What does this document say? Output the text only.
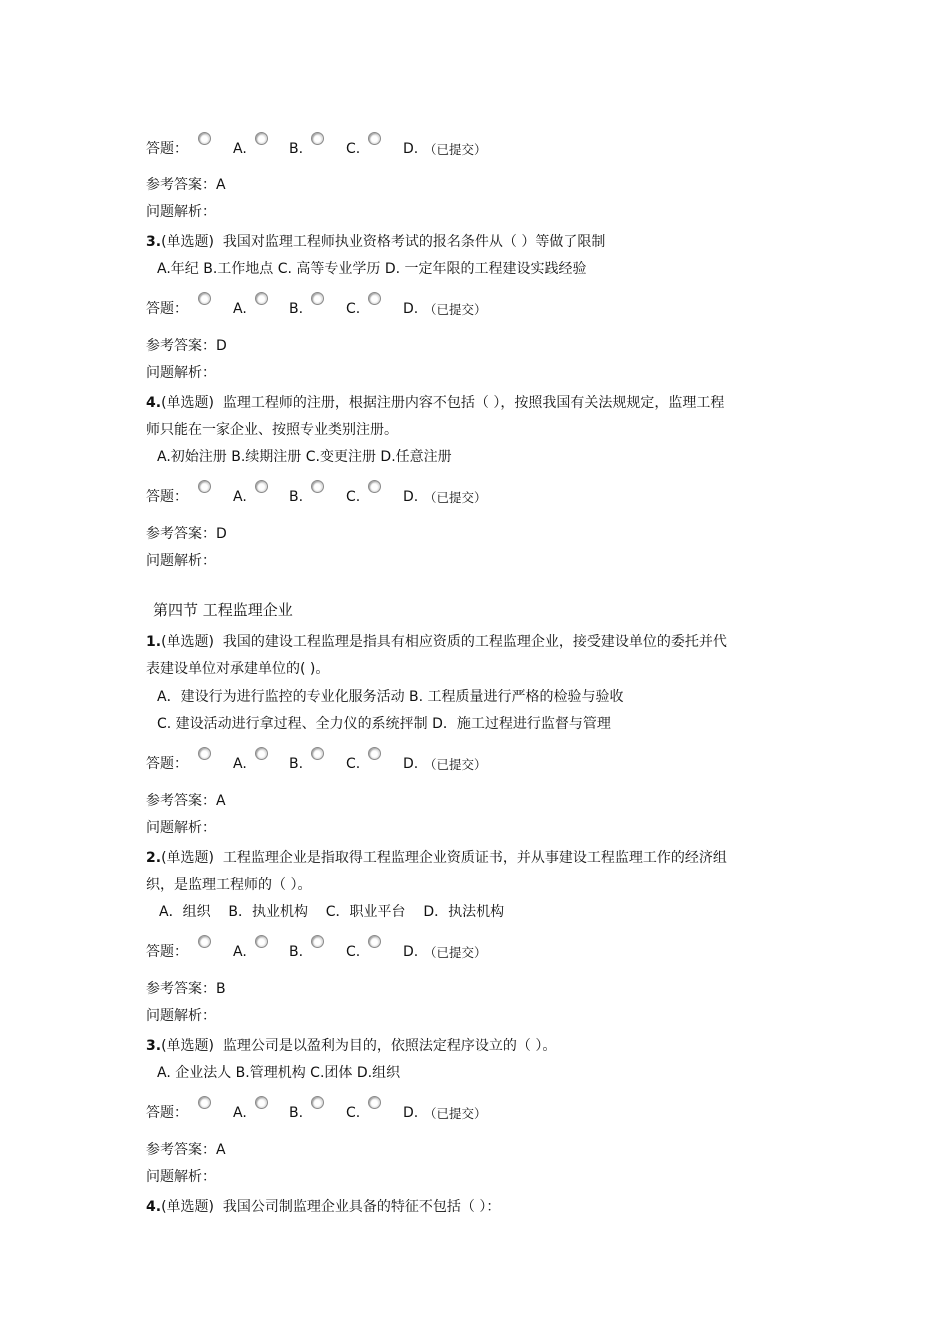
答题：	A.	B.	C.	D. （已提交）
参考答案：A
问题解析：
3.(单选题) 我国对监理工程师执业资格考试的报名条件从（ ）等做了限制
A.年纪 B.工作地点 C. 高等专业学历 D. 一定年限的工程建设实践经验
答题：	A.	B.	C.	D. （已提交）
参考答案：D
问题解析：
4.(单选题) 监理工程师的注册，根据注册内容不包括（ ），按照我国有关法规规定，监理工程
师只能在一家企业、按照专业类别注册。
A.初始注册 B.续期注册 C.变更注册 D.任意注册
答题：	A.	B.	C.	D. （已提交）
参考答案：D
问题解析：
第四节 工程监理企业
1.(单选题) 我国的建设工程监理是指具有相应资质的工程监理企业，接受建设单位的委托并代
表建设单位对承建单位的( )。
A．建设行为进行监控的专业化服务活动 B. 工程质量进行严格的检验与验收
C. 建设活动进行拿过程、全力仪的系统抨制 D．施工过程进行监督与管理
答题：	A.	B.	C.	D. （已提交）
参考答案：A
问题解析：
2.(单选题) 工程监理企业是指取得工程监理企业资质证书，并从事建设工程监理工作的经济组
织，是监理工程师的（ ）。
A．组织    B．执业机构    C．职业平台    D．执法机构
答题：	A.	B.	C.	D. （已提交）
参考答案：B
问题解析：
3.(单选题) 监理公司是以盈利为目的，依照法定程序设立的（ ）。
A. 企业法人 B.管理机构 C.团体 D.组织
答题：	A.	B.	C.	D. （已提交）
参考答案：A
问题解析：
4.(单选题) 我国公司制监理企业具备的特征不包括（ ）：
